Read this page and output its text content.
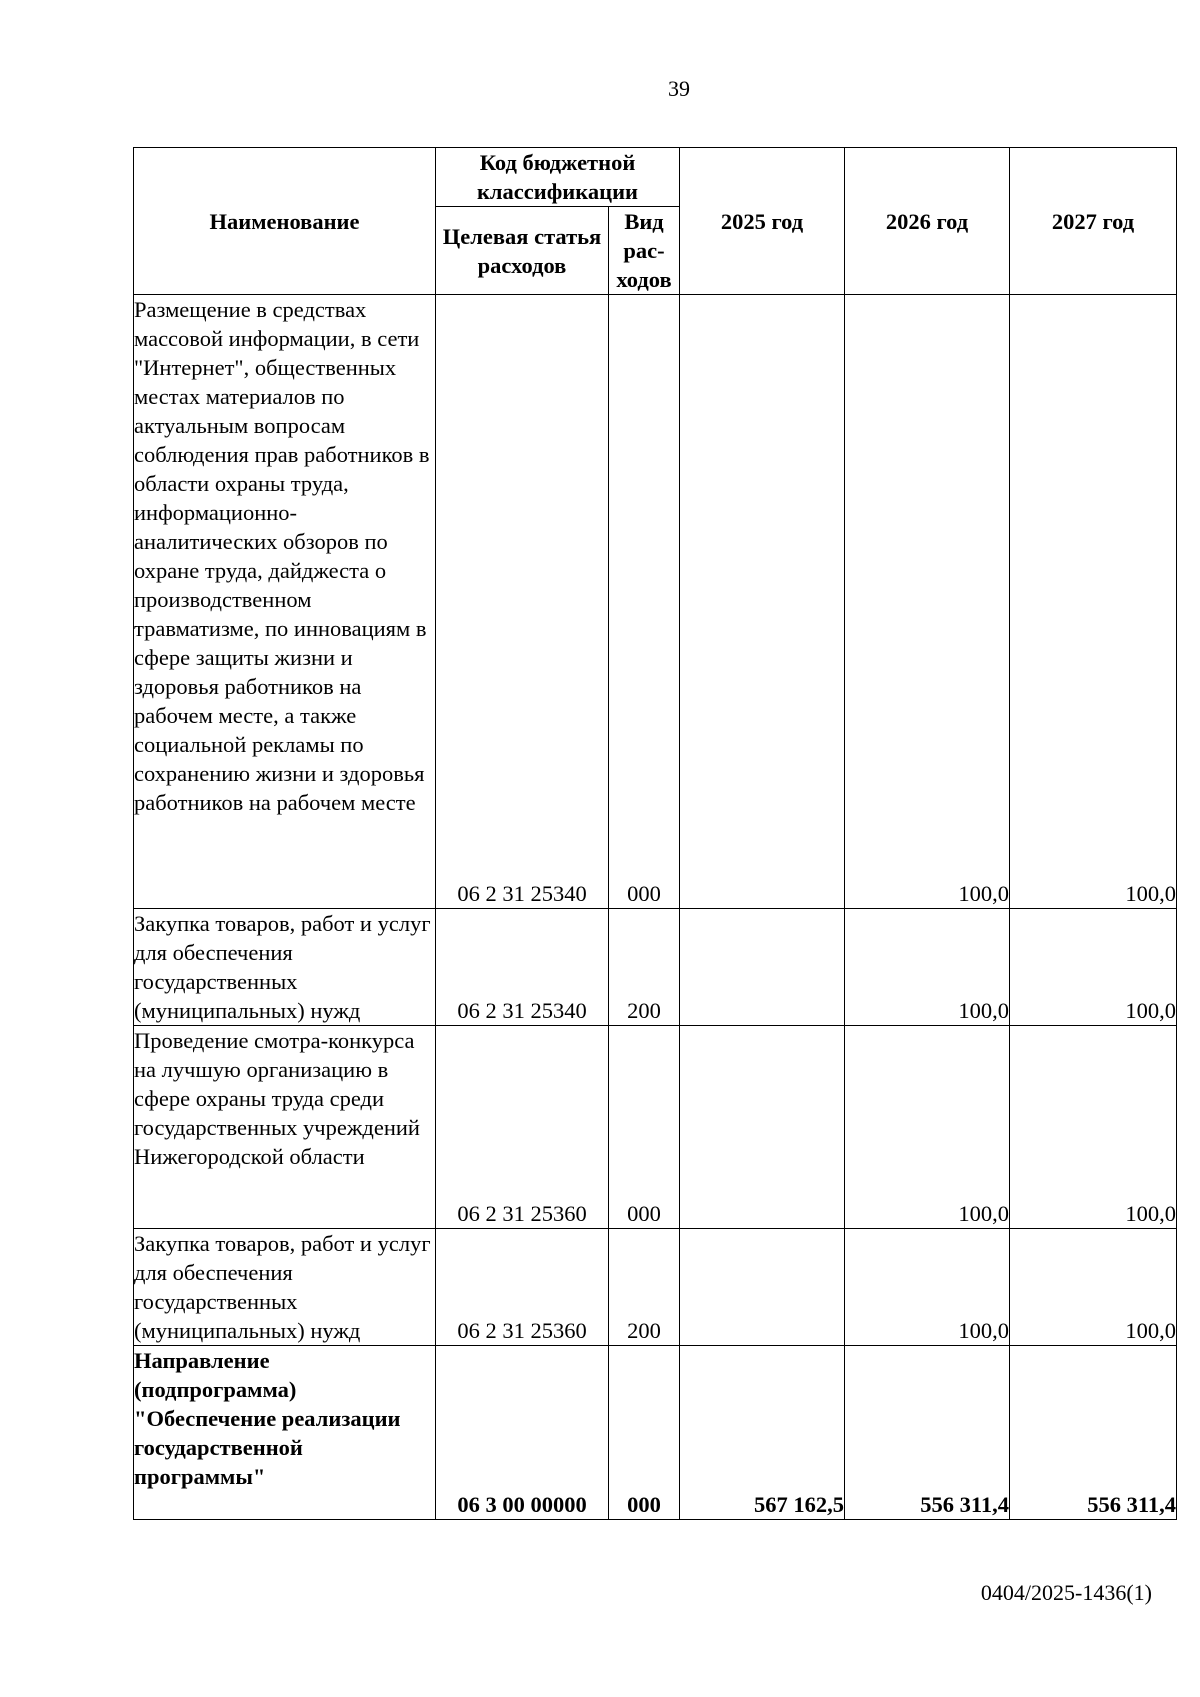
39
Наименование	Код бюджетной классификации		2025 год	2026 год	2027 год
	Целевая статья расходов	Вид рас-ходов			
Размещение в средствах массовой информации, в сети "Интернет", общественных местах материалов по актуальным вопросам соблюдения прав работников в области охраны труда, информационно-аналитических обзоров по охране труда, дайджеста о производственном травматизме, по инновациям в сфере защиты жизни и здоровья работников на рабочем месте, а также социальной рекламы по сохранению жизни и здоровья работников на рабочем месте	06 2 31 25340	000		100,0	100,0
Закупка товаров, работ и услуг для обеспечения государственных (муниципальных) нужд	06 2 31 25340	200		100,0	100,0
Проведение смотра-конкурса на лучшую организацию в сфере охраны труда среди государственных учреждений Нижегородской области	06 2 31 25360	000		100,0	100,0
Закупка товаров, работ и услуг для обеспечения государственных (муниципальных) нужд	06 2 31 25360	200		100,0	100,0
Направление (подпрограмма) "Обеспечение реализации государственной программы"	06 3 00 00000	000	567 162,5	556 311,4	556 311,4
0404/2025-1436(1)
